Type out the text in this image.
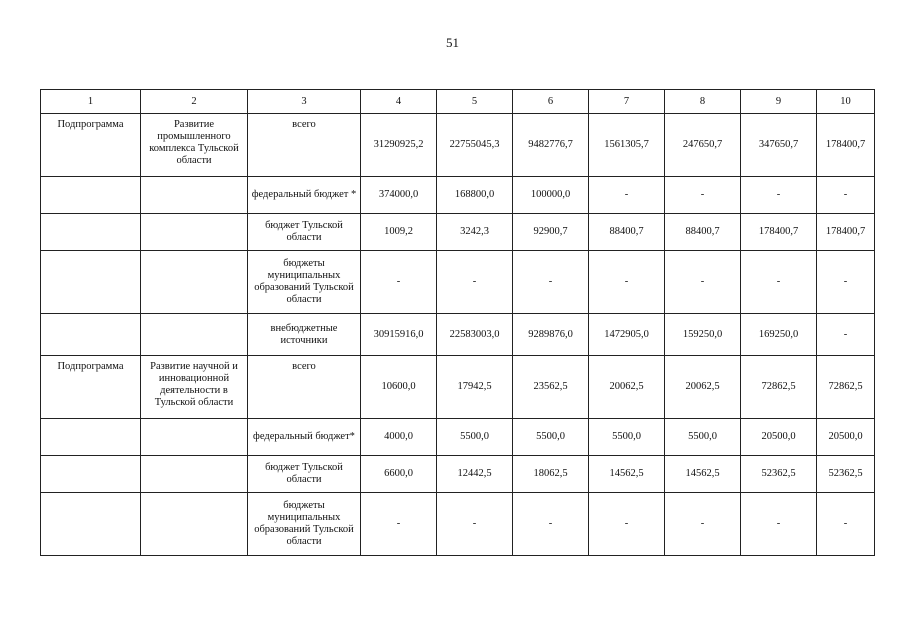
51
1	2	3	4	5	6	7	8	9	10
Подпрограмма	Развитие промышленного комплекса Тульской области	всего	31290925,2	22755045,3	9482776,7	1561305,7	247650,7	347650,7	178400,7
		федеральный бюджет *	374000,0	168800,0	100000,0	-	-	-	-
		бюджет Тульской области	1009,2	3242,3	92900,7	88400,7	88400,7	178400,7	178400,7
		бюджеты муниципальных образований Тульской области	-	-	-	-	-	-	-
		внебюджетные источники	30915916,0	22583003,0	9289876,0	1472905,0	159250,0	169250,0	-
Подпрограмма	Развитие научной и инновационной деятельности в Тульской области	всего	10600,0	17942,5	23562,5	20062,5	20062,5	72862,5	72862,5
		федеральный бюджет*	4000,0	5500,0	5500,0	5500,0	5500,0	20500,0	20500,0
		бюджет Тульской области	6600,0	12442,5	18062,5	14562,5	14562,5	52362,5	52362,5
		бюджеты муниципальных образований Тульской области	-	-	-	-	-	-	-
